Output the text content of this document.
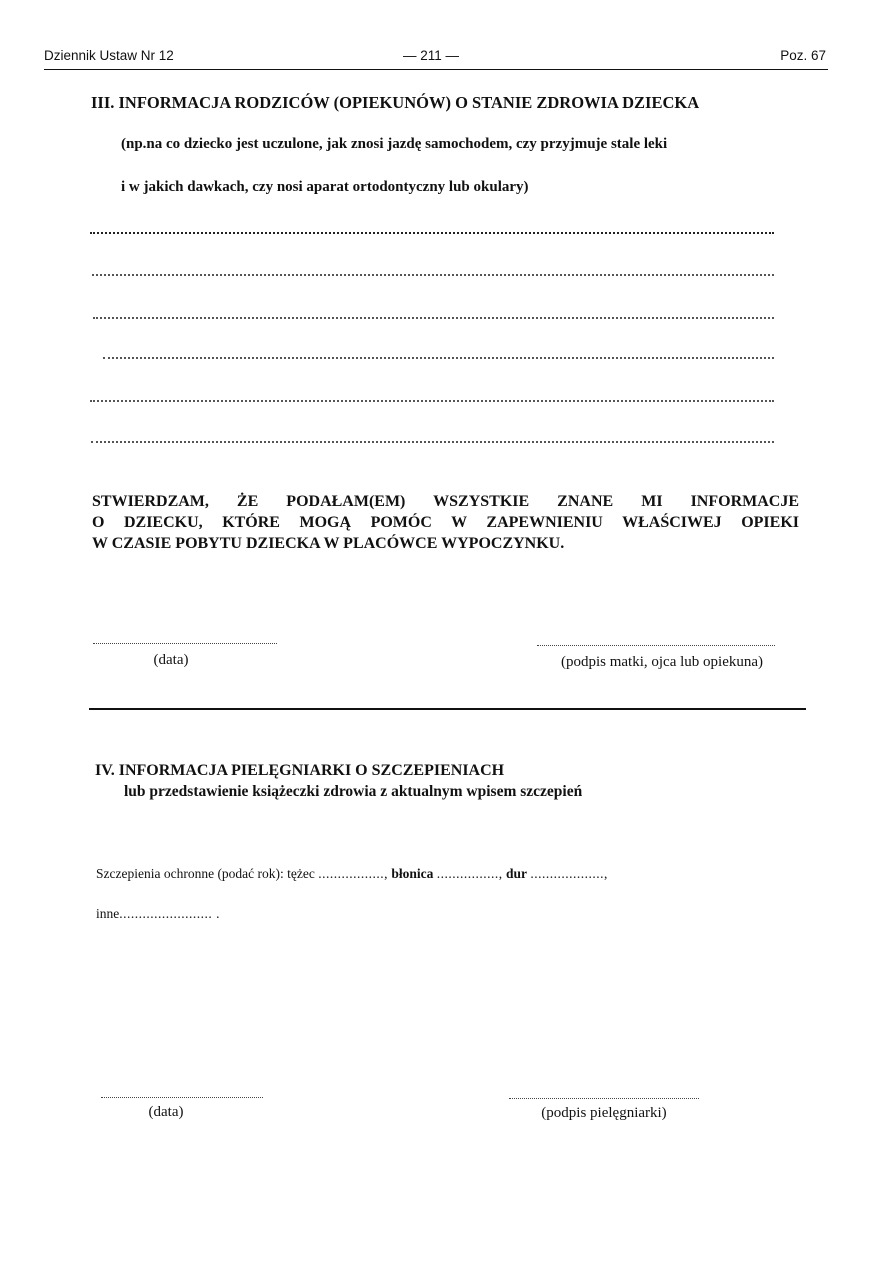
Dziennik Ustaw Nr 12	— 211 —	Poz. 67
III. INFORMACJA RODZICÓW (OPIEKUNÓW) O STANIE ZDROWIA DZIECKA
(np.na co dziecko jest uczulone, jak znosi jazdę samochodem, czy przyjmuje stale leki
i w jakich dawkach, czy nosi aparat ortodontyczny lub okulary)
STWIERDZAM, ŻE PODAŁAM(EM) WSZYSTKIE ZNANE MI INFORMACJE
O DZIECKU, KTÓRE MOGĄ POMÓC W ZAPEWNIENIU WŁAŚCIWEJ OPIEKI
W CZASIE POBYTU DZIECKA W PLACÓWCE WYPOCZYNKU.
(data)	(podpis matki, ojca lub opiekuna)
IV. INFORMACJA PIELĘGNIARKI O SZCZEPIENIACH
lub przedstawienie książeczki zdrowia z aktualnym wpisem szczepień
Szczepienia ochronne (podać rok): tężec ................., błonica ................, dur ...................,
inne........................ .
(data)	(podpis pielęgniarki)
